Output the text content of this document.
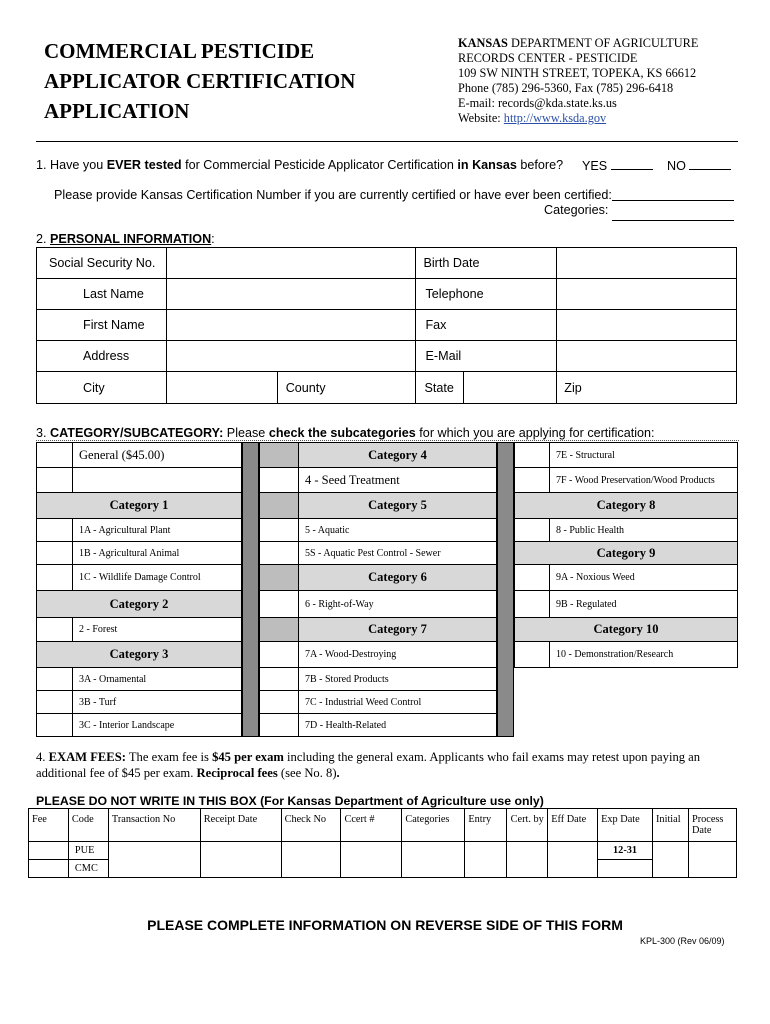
COMMERCIAL PESTICIDE
APPLICATOR CERTIFICATION
APPLICATION
KANSAS DEPARTMENT OF AGRICULTURE
RECORDS CENTER - PESTICIDE
109 SW NINTH STREET, TOPEKA, KS 66612
Phone (785) 296-5360, Fax (785) 296-6418
E-mail: records@kda.state.ks.us
Website: http://www.ksda.gov
1. Have you EVER tested for Commercial Pesticide Applicator Certification in Kansas before? YES	NO
Please provide Kansas Certification Number if you are currently certified or have ever been certified:
Categories:
2. PERSONAL INFORMATION:
Social Security No.			Birth Date		
Last Name			Telephone		
First Name			Fax		
Address			E-Mail		
City		County	State		Zip
3. CATEGORY/SUBCATEGORY: Please check the subcategories for which you are applying for certification:
General ($45.00)
Category 1
1A - Agricultural Plant
1B - Agricultural Animal
1C - Wildlife Damage Control
Category 2
2 - Forest
Category 3
3A - Ornamental
3B - Turf
3C - Interior Landscape
Category 4
4 - Seed Treatment
Category 5
5 - Aquatic
5S - Aquatic Pest Control - Sewer
Category 6
6 - Right-of-Way
Category 7
7A - Wood-Destroying
7B - Stored Products
7C - Industrial Weed Control
7D - Health-Related
7E - Structural
7F - Wood Preservation/Wood Products
Category 8
8 - Public Health
Category 9
9A - Noxious Weed
9B - Regulated
Category 10
10 - Demonstration/Research
4. EXAM FEES: The exam fee is $45 per exam including the general exam. Applicants who fail exams may retest upon paying an additional fee of $45 per exam. Reciprocal fees (see No. 8).
PLEASE DO NOT WRITE IN THIS BOX (For Kansas Department of Agriculture use only)
Fee	Code	Transaction No	Receipt Date	Check No	Ccert #	Categories	Entry	Cert. by	Eff Date	Exp Date	Initial	Process Date
	PUE									12-31		
	CMC											
PLEASE COMPLETE INFORMATION ON REVERSE SIDE OF THIS FORM
KPL-300 (Rev 06/09)
